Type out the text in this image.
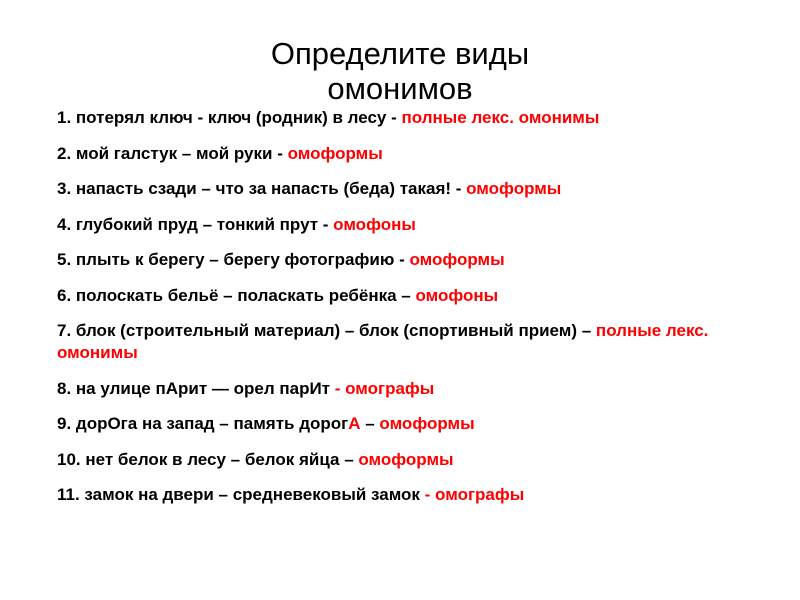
Определите виды омонимов
1. потерял ключ - ключ (родник) в лесу - полные лекс. омонимы
2. мой галстук – мой руки - омоформы
3. напасть сзади – что за напасть (беда) такая! - омоформы
4. глубокий пруд – тонкий прут - омофоны
5. плыть к берегу – берегу фотографию - омоформы
6. полоскать бельё – поласкать ребёнка – омофоны
7. блок (строительный материал) – блок (спортивный прием) – полные лекс. омонимы
8. на улице пАрит — орел парИт - омографы
9. дорОга на запад – память дорогА – омоформы
10. нет белок в лесу – белок яйца – омоформы
11. замок на двери – средневековый замок - омографы
